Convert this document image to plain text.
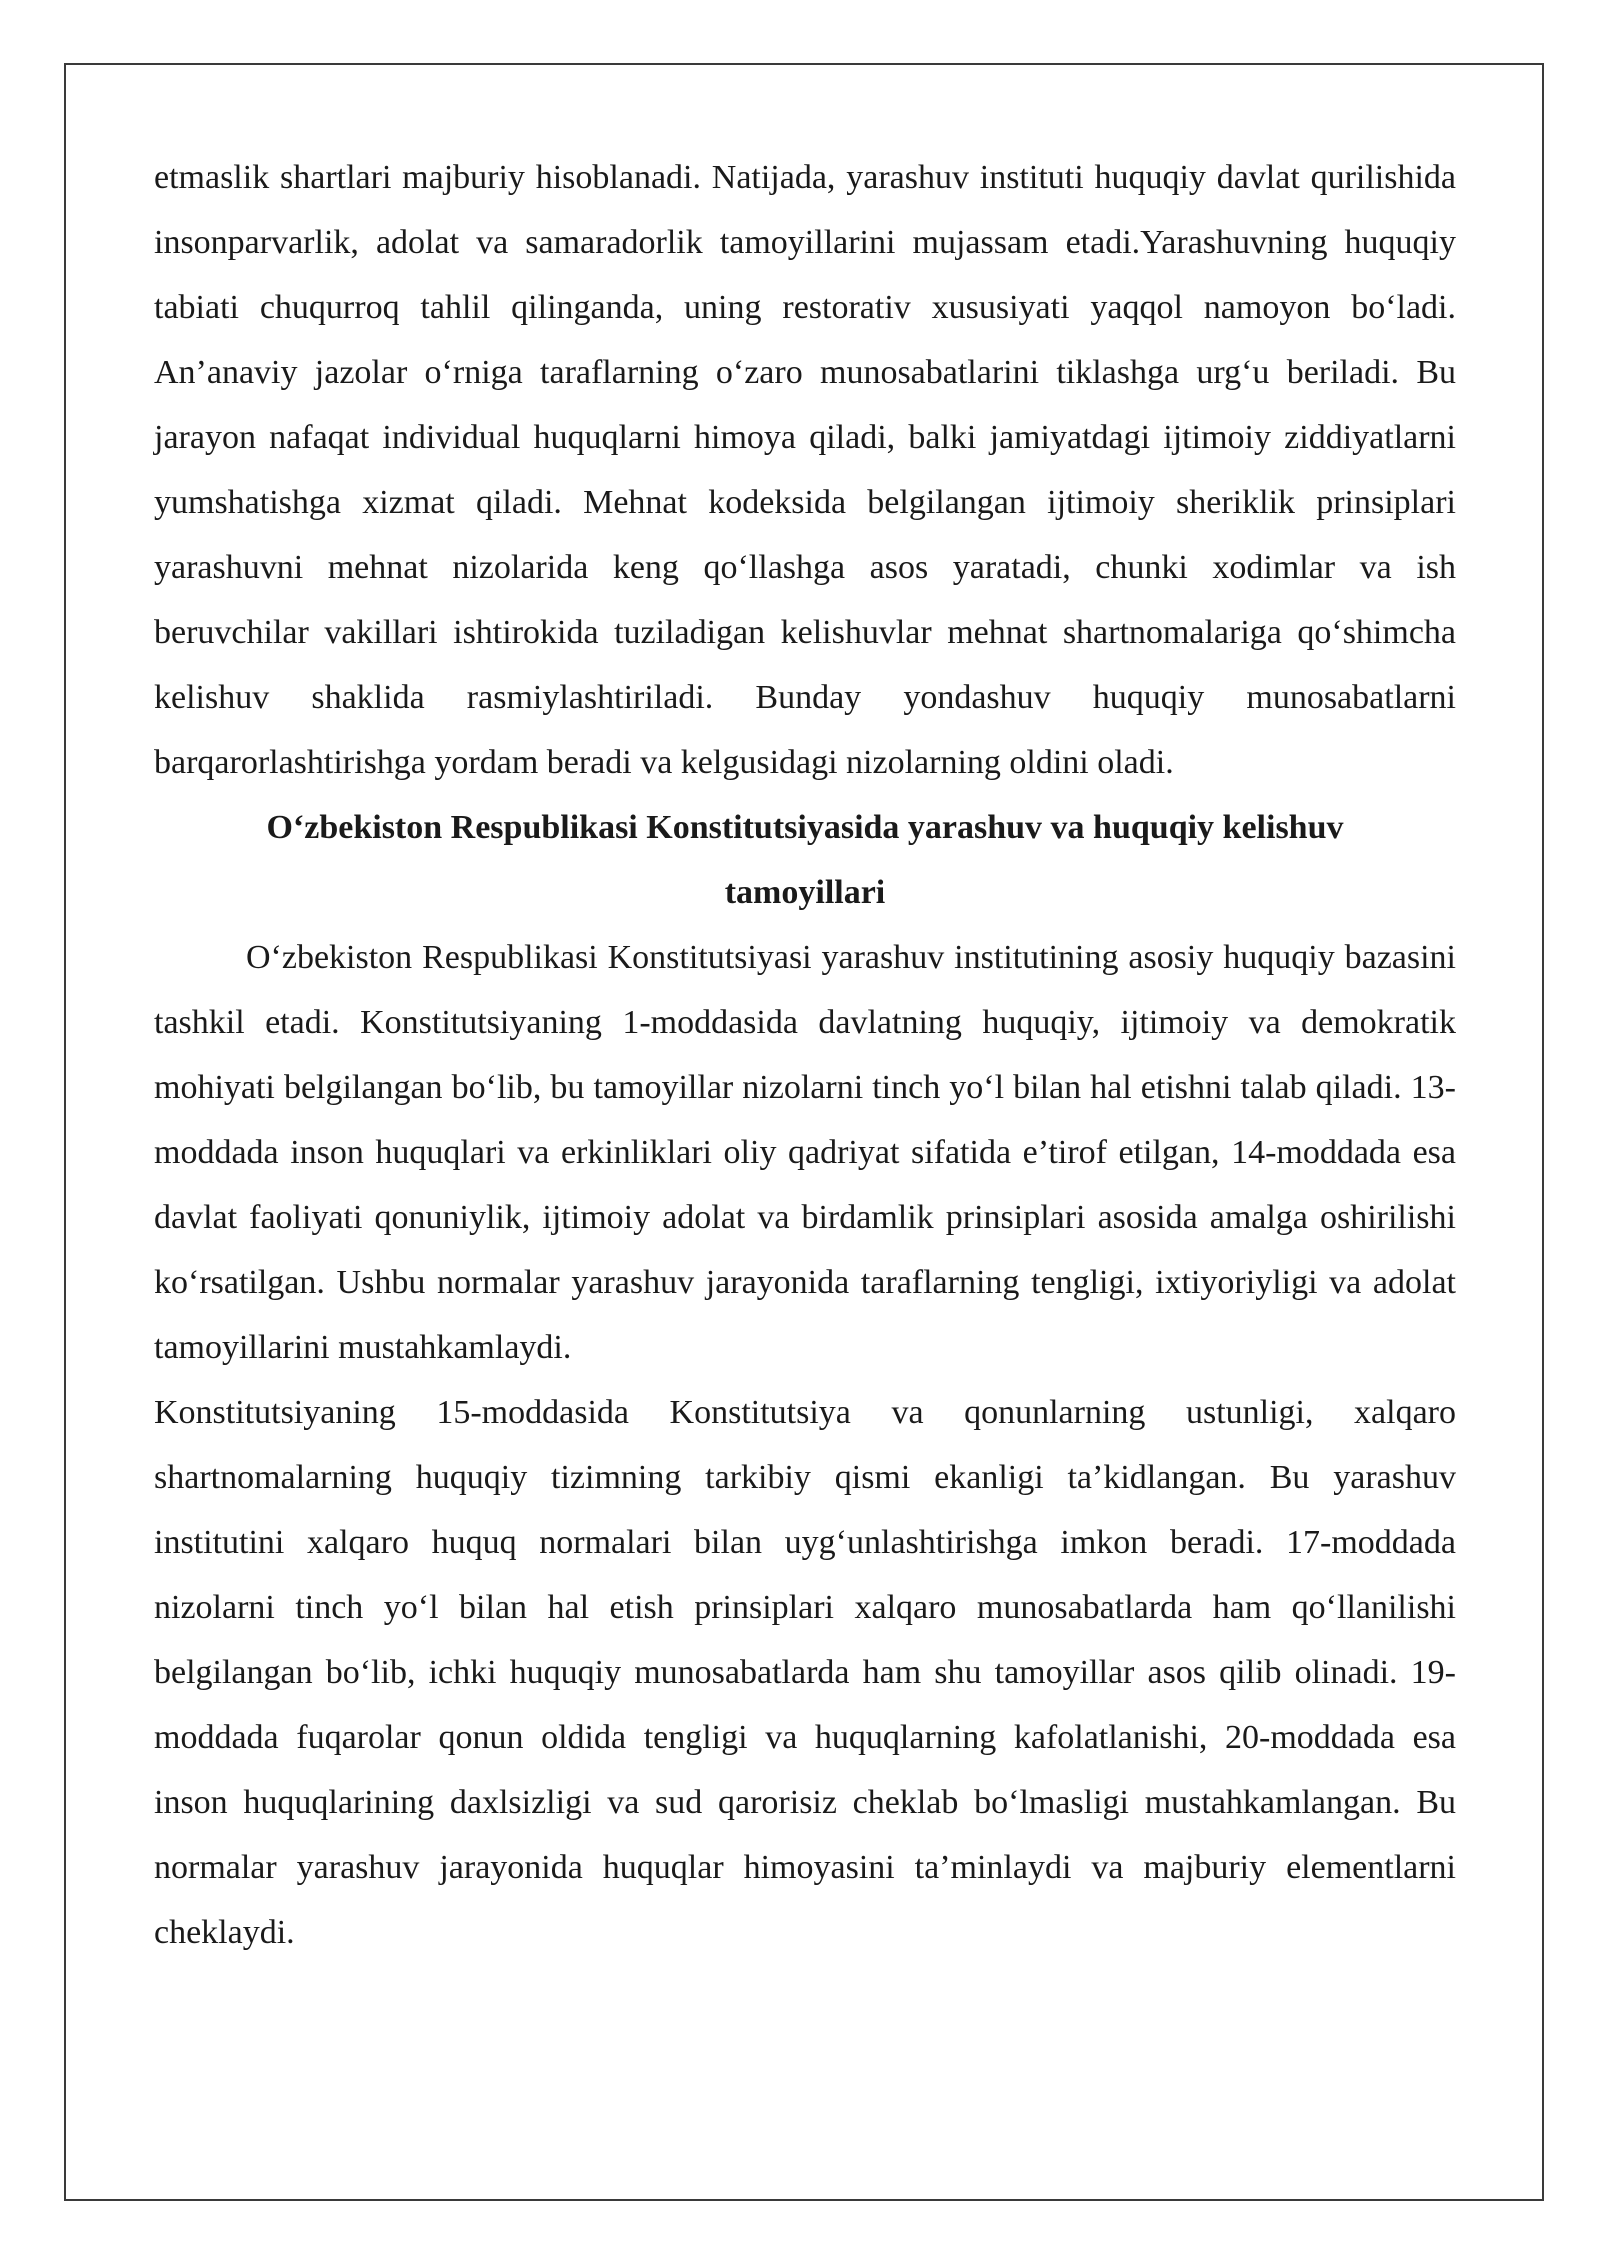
etmaslik shartlari majburiy hisoblanadi. Natijada, yarashuv instituti huquqiy davlat qurilishida insonparvarlik, adolat va samaradorlik tamoyillarini mujassam etadi.Yarashuvning huquqiy tabiati chuqurroq tahlil qilinganda, uning restorativ xususiyati yaqqol namoyon bo‘ladi. An’anaviy jazolar o‘rniga taraflarning o‘zaro munosabatlarini tiklashga urg‘u beriladi. Bu jarayon nafaqat individual huquqlarni himoya qiladi, balki jamiyatdagi ijtimoiy ziddiyatlarni yumshatishga xizmat qiladi. Mehnat kodeksida belgilangan ijtimoiy sheriklik prinsiplari yarashuvni mehnat nizolarida keng qo‘llashga asos yaratadi, chunki xodimlar va ish beruvchilar vakillari ishtirokida tuziladigan kelishuvlar mehnat shartnomalariga qo‘shimcha kelishuv shaklida rasmiylashtiriladi. Bunday yondashuv huquqiy munosabatlarni barqarorlashtirishga yordam beradi va kelgusidagi nizolarning oldini oladi.

O‘zbekiston Respublikasi Konstitutsiyasida yarashuv va huquqiy kelishuv tamoyillari

O‘zbekiston Respublikasi Konstitutsiyasi yarashuv institutining asosiy huquqiy bazasini tashkil etadi. Konstitutsiyaning 1-moddasida davlatning huquqiy, ijtimoiy va demokratik mohiyati belgilangan bo‘lib, bu tamoyillar nizolarni tinch yo‘l bilan hal etishni talab qiladi. 13-moddada inson huquqlari va erkinliklari oliy qadriyat sifatida e’tirof etilgan, 14-moddada esa davlat faoliyati qonuniylik, ijtimoiy adolat va birdamlik prinsiplari asosida amalga oshirilishi ko‘rsatilgan. Ushbu normalar yarashuv jarayonida taraflarning tengligi, ixtiyoriyligi va adolat tamoyillarini mustahkamlaydi.

Konstitutsiyaning 15-moddasida Konstitutsiya va qonunlarning ustunligi, xalqaro shartnomalarning huquqiy tizimning tarkibiy qismi ekanligi ta’kidlangan. Bu yarashuv institutini xalqaro huquq normalari bilan uyg‘unlashtirishga imkon beradi. 17-moddada nizolarni tinch yo‘l bilan hal etish prinsiplari xalqaro munosabatlarda ham qo‘llanilishi belgilangan bo‘lib, ichki huquqiy munosabatlarda ham shu tamoyillar asos qilib olinadi. 19-moddada fuqarolar qonun oldida tengligi va huquqlarning kafolatlanishi, 20-moddada esa inson huquqlarining daxlsizligi va sud qarorisiz cheklab bo‘lmasligi mustahkamlangan. Bu normalar yarashuv jarayonida huquqlar himoyasini ta’minlaydi va majburiy elementlarni cheklaydi.
